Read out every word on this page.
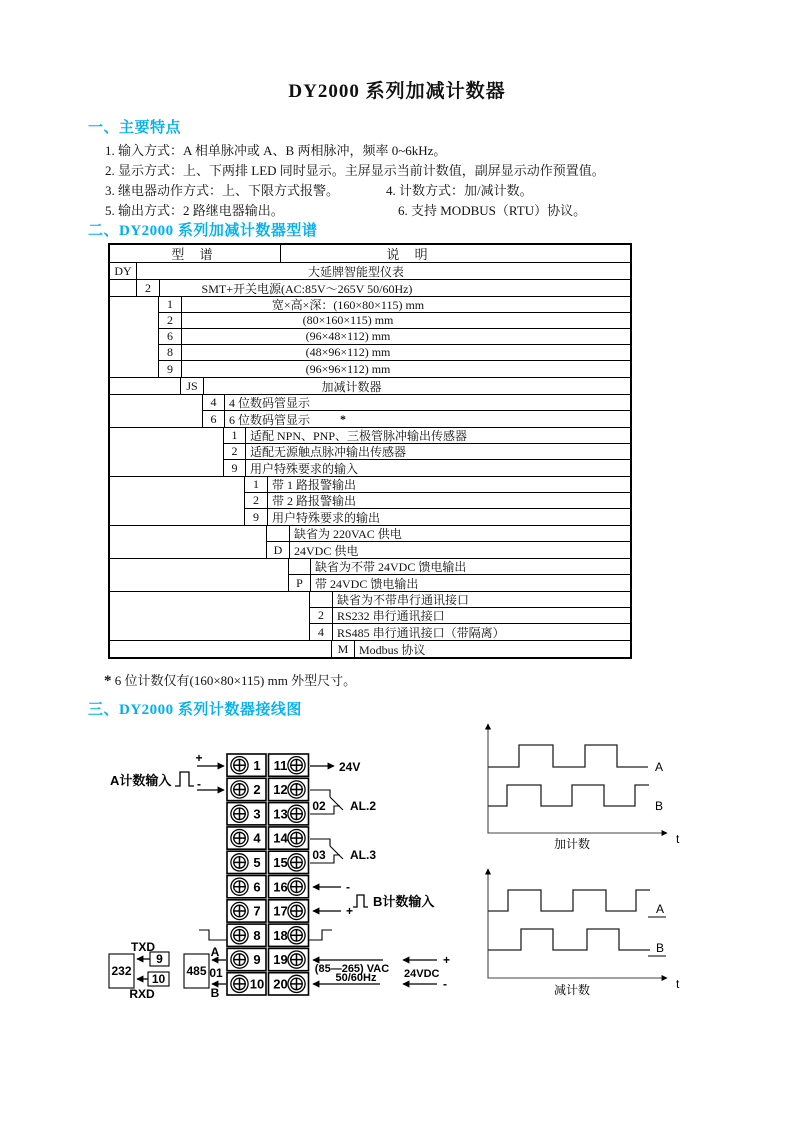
DY2000 系列加减计数器
一、主要特点
1. 输入方式：A 相单脉冲或 A、B 两相脉冲，频率 0~6kHz。
2. 显示方式：上、下两排 LED 同时显示。主屏显示当前计数值，副屏显示动作预置值。
3. 继电器动作方式：上、下限方式报警。	4. 计数方式：加/减计数。
5. 输出方式：2 路继电器输出。	6. 支持 MODBUS（RTU）协议。
二、DY2000 系列加减计数器型谱
型 谱	说 明
DY	大延牌智能型仪表
2	SMT+开关电源(AC:85V～265V 50/60Hz)
1	宽×高×深：(160×80×115) mm
2	(80×160×115) mm
6	(96×48×112) mm
8	(48×96×112) mm
9	(96×96×112) mm
JS	加减计数器
4	4 位数码管显示
6	6 位数码管显示	*
1	适配 NPN、PNP、三极管脉冲输出传感器
2	适配无源触点脉冲输出传感器
9	用户特殊要求的输入
1	带 1 路报警输出
2	带 2 路报警输出
9	用户特殊要求的输出
缺省为 220VAC 供电
D 24VDC 供电
缺省为不带 24VDC 馈电输出
P	带 24VDC 馈电输出
缺省为不带串行通讯接口
2	RS232 串行通讯接口
4	RS485 串行通讯接口（带隔离）
M Modbus 协议
* 6 位计数仅有(160×80×115) mm 外型尺寸。
三、DY2000 系列计数器接线图
1 11
2 12
3 13
4 14
5 15
6 16
7 17
8 18
9 19
10 20
+
-
A计数输入
232
TXD
9
10
RXD
485
A
01
B
24V
02 AL.2
03 AL.3
-
+
B计数输入
(85—265) VAC
50/60Hz
+
24VDC
-
t
A
B
加计数
t
A
B
减计数
